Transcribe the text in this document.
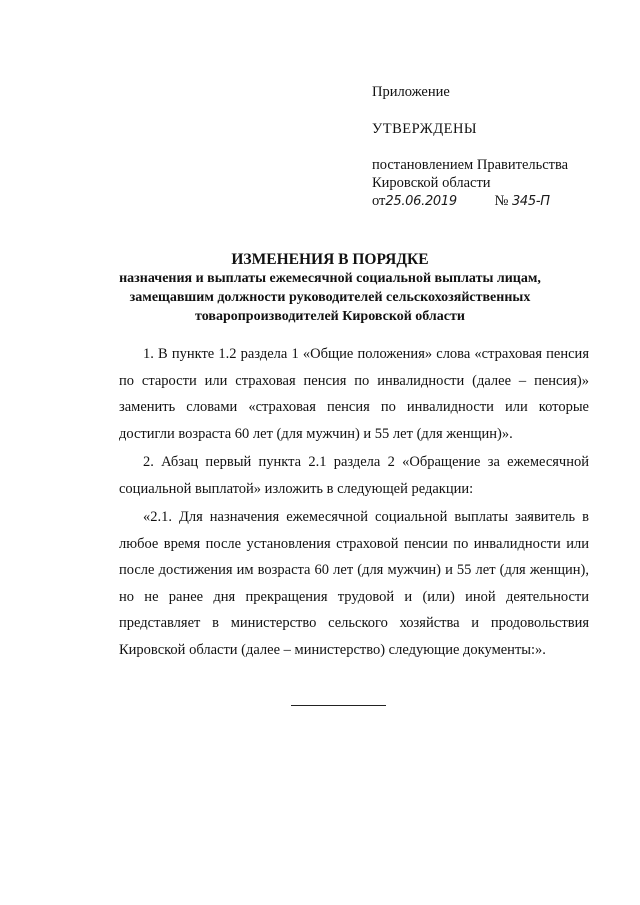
Приложение
УТВЕРЖДЕНЫ
постановлением Правительства
Кировской области
от25.06.2019	№ 345-П
ИЗМЕНЕНИЯ В ПОРЯДКЕ
назначения и выплаты ежемесячной социальной выплаты лицам,
замещавшим должности руководителей сельскохозяйственных
товаропроизводителей Кировской области

1. В пункте 1.2 раздела 1 «Общие положения» слова «страховая пенсия по старости или страховая пенсия по инвалидности (далее – пенсия)» заменить словами «страховая пенсия по инвалидности или которые достигли возраста 60 лет (для мужчин) и 55 лет (для женщин)».

2. Абзац первый пункта 2.1 раздела 2 «Обращение за ежемесячной социальной выплатой» изложить в следующей редакции:

«2.1. Для назначения ежемесячной социальной выплаты заявитель в любое время после установления страховой пенсии по инвалидности или после достижения им возраста 60 лет (для мужчин) и 55 лет (для женщин), но не ранее дня прекращения трудовой и (или) иной деятельности представляет в министерство сельского хозяйства и продовольствия Кировской области (далее – министерство) следующие документы:».
